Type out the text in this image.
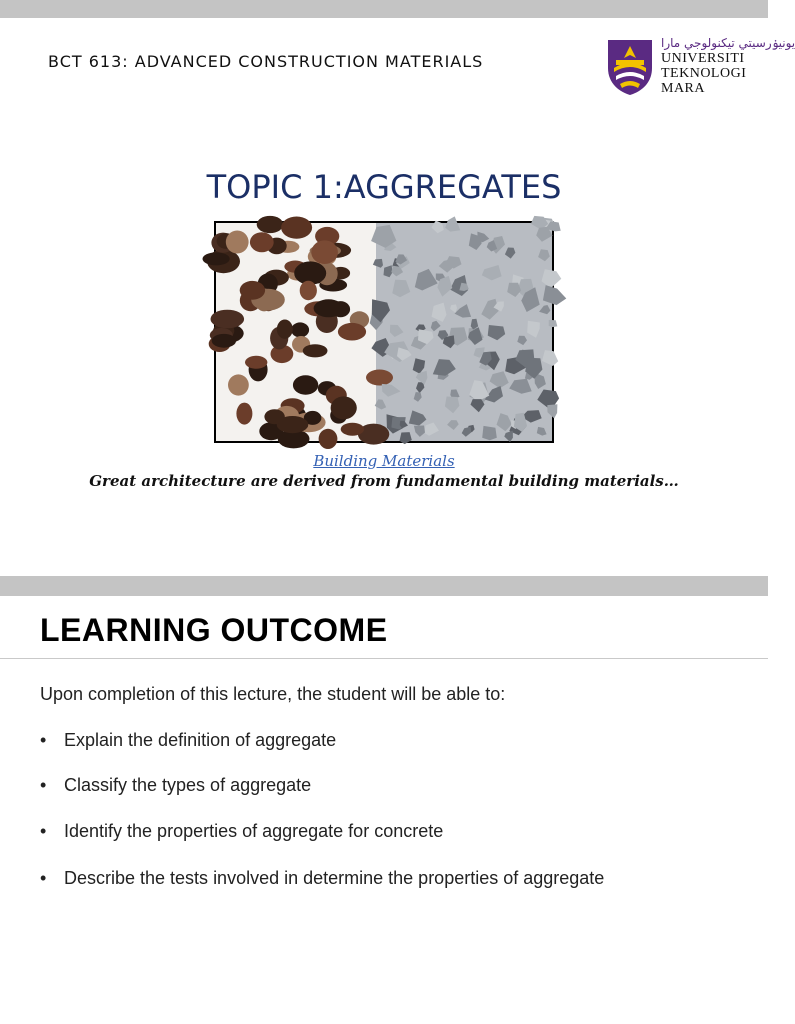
BCT 613: ADVANCED CONSTRUCTION MATERIALS
يونيۏرسيتي تيكنولوجي مارا
UNIVERSITI
TEKNOLOGI
MARA
TOPIC 1:AGGREGATES
Building Materials
Great architecture are derived from fundamental building materials…
LEARNING OUTCOME
Upon completion of this lecture, the student will be able to:
• Explain the definition of aggregate
• Classify the types of aggregate
• Identify the properties of aggregate for concrete
• Describe the tests involved in determine the properties of aggregate
